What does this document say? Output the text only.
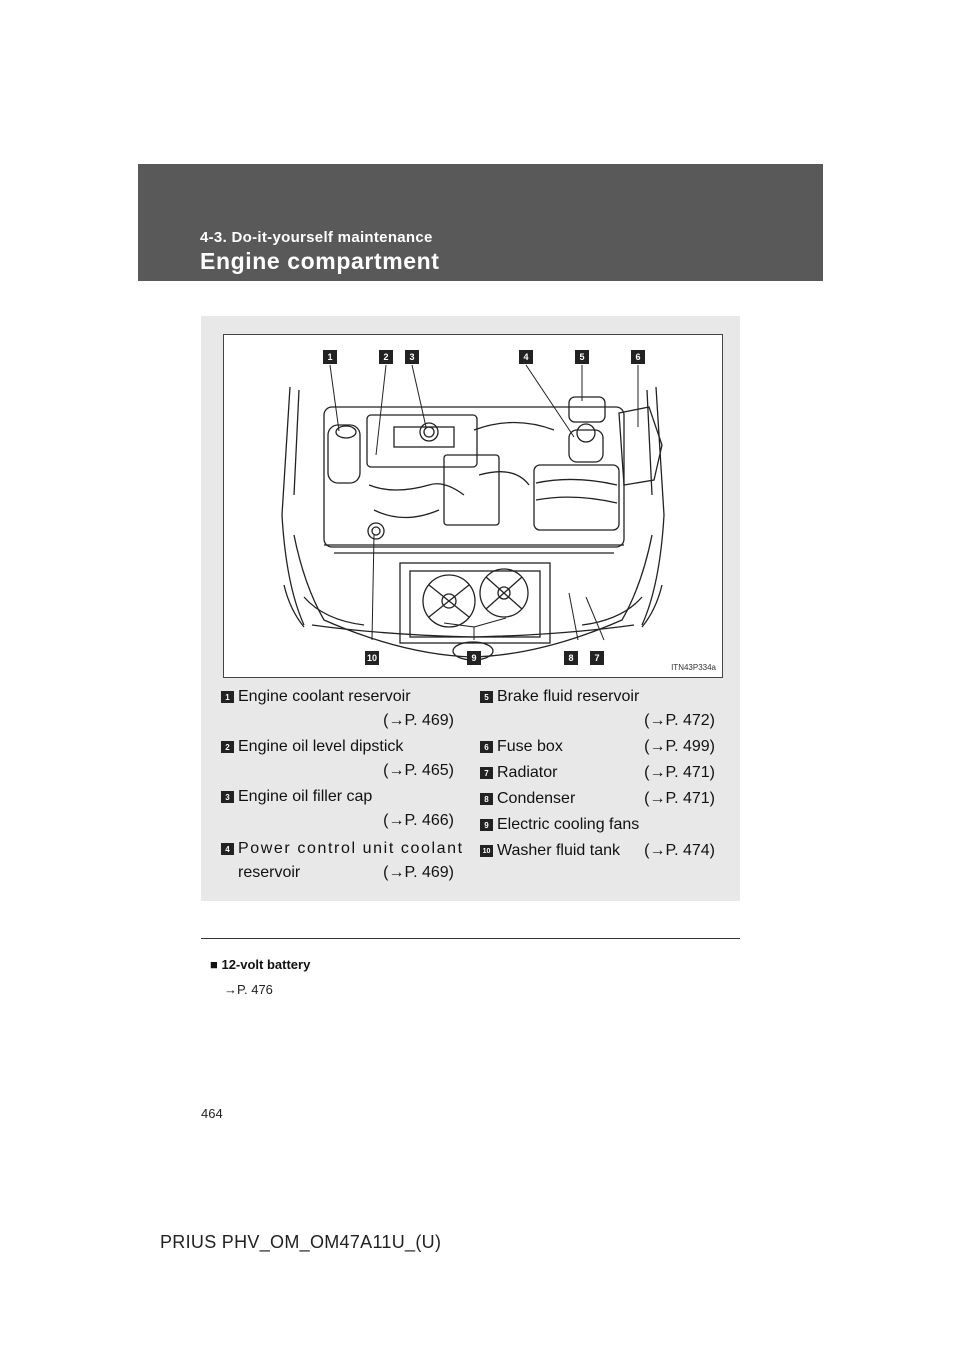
4-3. Do-it-yourself maintenance
Engine compartment
1	2	3	4	5	6
10	9	8	7
ITN43P334a
1 Engine coolant reservoir
(→P. 469)
2 Engine oil level dipstick
(→P. 465)
3 Engine oil filler cap
(→P. 466)
4 Power control unit coolant
reservoir	(→P. 469)
5 Brake fluid reservoir
(→P. 472)
6 Fuse box	(→P. 499)
7 Radiator	(→P. 471)
8 Condenser	(→P. 471)
9 Electric cooling fans
10 Washer fluid tank (→P. 474)
■ 12-volt battery
→P. 476
464
PRIUS PHV_OM_OM47A11U_(U)
